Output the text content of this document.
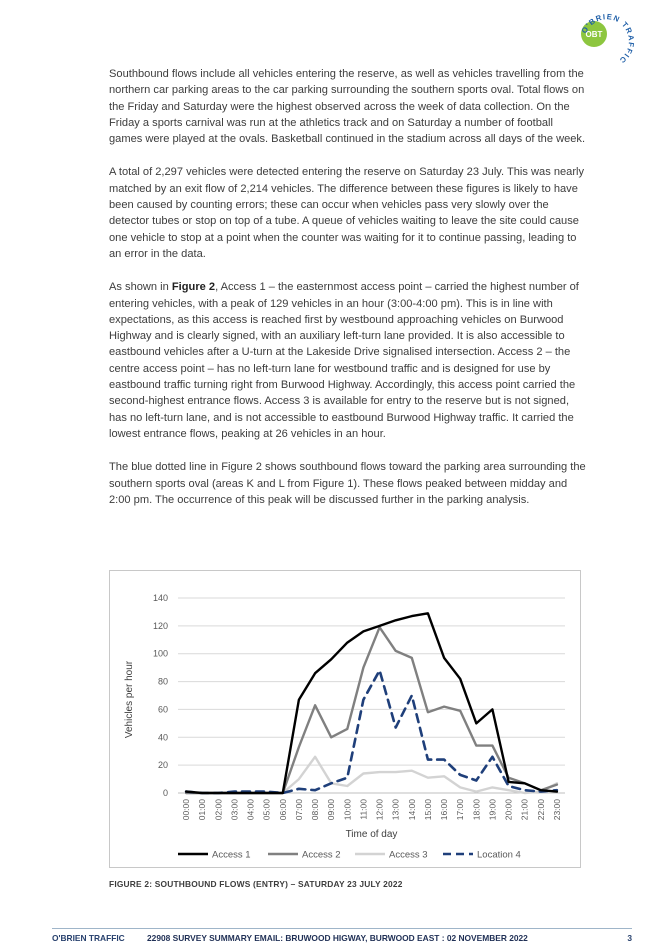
OBT
O'BRIEN TRAFFIC

Southbound flows include all vehicles entering the reserve, as well as vehicles travelling from the northern car parking areas to the car parking surrounding the southern sports oval. Total flows on the Friday and Saturday were the highest observed across the week of data collection. On the Friday a sports carnival was run at the athletics track and on Saturday a number of football games were played at the ovals. Basketball continued in the stadium across all days of the week.

A total of 2,297 vehicles were detected entering the reserve on Saturday 23 July. This was nearly matched by an exit flow of 2,214 vehicles. The difference between these figures is likely to have been caused by counting errors; these can occur when vehicles pass very slowly over the detector tubes or stop on top of a tube. A queue of vehicles waiting to leave the site could cause one vehicle to stop at a point when the counter was waiting for it to continue passing, leading to an error in the data.

As shown in Figure 2, Access 1 – the easternmost access point – carried the highest number of entering vehicles, with a peak of 129 vehicles in an hour (3:00-4:00 pm). This is in line with expectations, as this access is reached first by westbound approaching vehicles on Burwood Highway and is clearly signed, with an auxiliary left-turn lane provided. It is also accessible to eastbound vehicles after a U-turn at the Lakeside Drive signalised intersection. Access 2 – the centre access point – has no left-turn lane for westbound traffic and is designed for use by eastbound traffic turning right from Burwood Highway. Accordingly, this access point carried the second-highest entrance flows. Access 3 is available for entry to the reserve but is not signed, has no left-turn lane, and is not accessible to eastbound Burwood Highway traffic. It carried the lowest entrance flows, peaking at 26 vehicles in an hour.

The blue dotted line in Figure 2 shows southbound flows toward the parking area surrounding the southern sports oval (areas K and L from Figure 1). These flows peaked between midday and 2:00 pm. The occurrence of this peak will be discussed further in the parking analysis.

0
20
40
60
80
100
120
140
00:00 01:00 02:00 03:00 04:00 05:00 06:00 07:00 08:00 09:00 10:00 11:00 12:00 13:00 14:00 15:00 16:00 17:00 18:00 19:00 20:00 21:00 22:00 23:00
Time of day
Vehicles per hour
Access 1	Access 2	Access 3	Location 4
FIGURE 2: SOUTHBOUND FLOWS (ENTRY) – SATURDAY 23 JULY 2022
O'BRIEN TRAFFIC	22908 SURVEY SUMMARY EMAIL: BRUWOOD HIGWAY, BURWOOD EAST : 02 NOVEMBER 2022	3
